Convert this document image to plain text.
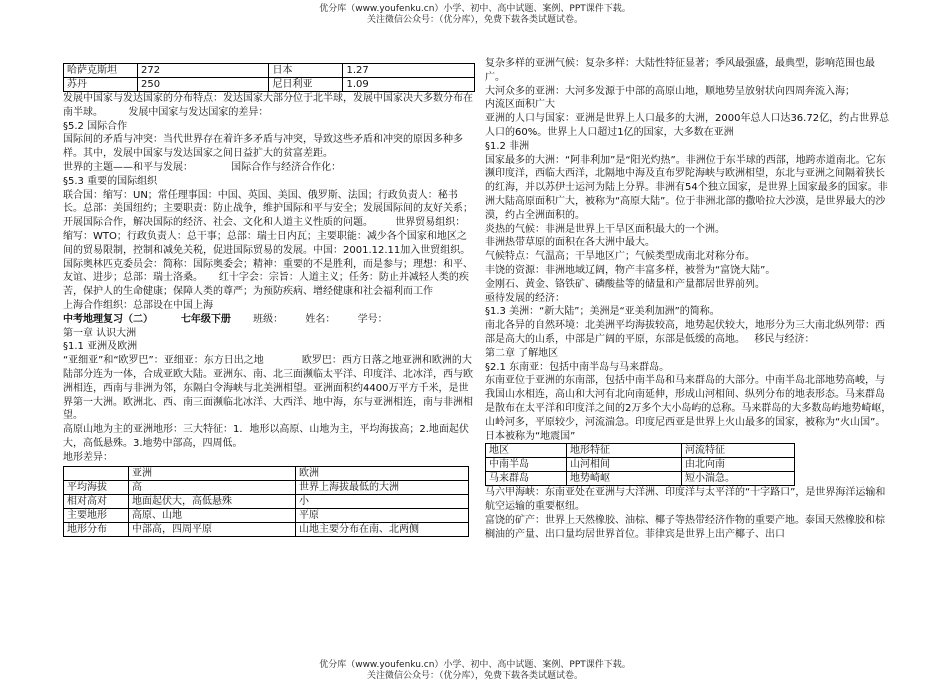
优分库（www.youfenku.cn）小学、初中、高中试题、案例、PPT课件下载。
关注微信公众号：（优分库），免费下载各类试题试卷。
哈萨克斯坦	272	日本	1.27
苏丹	250	尼日利亚	1.09

发展中国家与发达国家的分布特点：发达国家大部分位于北半球，发展中国家决大多数分布在南半球。        发展中国家与发达国家的差异：

§5.2 国际合作

国际间的矛盾与冲突：当代世界存在着许多矛盾与冲突，导致这些矛盾和冲突的原因多种多样。其中，发展中国家与发达国家之间日益扩大的贫富差距。

世界的主题——和平与发展：            国际合作与经济合作化：

§5.3 重要的国际组织

联合国：缩写：UN；常任理事国：中国、英国、美国、俄罗斯、法国；行政负责人：秘书长。总部：美国纽约；主要职责：防止战争，维护国际和平与安全；发展国际间的友好关系；开展国际合作，解决国际的经济、社会、文化和人道主义性质的问题。       世界贸易组织：缩写：WTO；行政负责人：总干事；总部：瑞士日内瓦；主要职能：减少各个国家和地区之间的贸易限制，控制和减免关税，促进国际贸易的发展。中国：2001.12.11加入世贸组织。     国际奥林匹克委员会：简称：国际奥委会；精神：重要的不是胜利，而是参与；理想：和平、友谊、进步；总部：瑞士洛桑。     红十字会：宗旨：人道主义；任务：防止并减轻人类的疾苦，保护人的生命健康；保障人类的尊严；为预防疾病、增经健康和社会福利而工作

上海合作组织：总部设在中国上海

中考地理复习（二）        七年级下册       班级：       姓名：       学号：

第一章 认识大洲

§1.1 亚洲及欧洲

“亚细亚”和“欧罗巴”：亚细亚：东方日出之地            欧罗巴：西方日落之地亚洲和欧洲的大陆部分连为一体，合成亚欧大陆。亚洲东、南、北三面濒临太平洋、印度洋、北冰洋，西与欧洲相连，西南与非洲为邻，东隔白令海峡与北美洲相望。亚洲面积约4400万平方千米，是世界第一大洲。欧洲北、西、南三面濒临北冰洋、大西洋、地中海，东与亚洲相连，南与非洲相望。

高原山地为主的亚洲地形：三大特征：1．地形以高原、山地为主，平均海拔高；2.地面起伏大，高低悬殊。3.地势中部高，四周低。

地形差异：

	亚洲	欧洲
平均海拔	高	世界上海拔最低的大洲
相对高对	地面起伏大，高低悬殊	小
主要地形	高原、山地	平原
地形分布	中部高，四周平原	山地主要分布在南、北两侧

复杂多样的亚洲气候：复杂多样：大陆性特征显著；季风最强盛，最典型，影响范围也最广。

大河众多的亚洲：大河多发源于中部的高原山地，顺地势呈放射状向四周奔流入海；

内流区面积广大

亚洲的人口与国家：亚洲是世界上人口最多的大洲，2000年总人口达36.72亿，约占世界总人口的60%。世界上人口超过1亿的国家，大多数在亚洲

§1.2 非洲

国家最多的大洲：“阿非利加”是“阳光灼热”。非洲位于东半球的西部，地跨赤道南北。它东濒印度洋，西临大西洋，北隔地中海及直布罗陀海峡与欧洲相望，东北与亚洲之间隔着狭长的红海，并以苏伊士运河为陆上分界。非洲有54个独立国家，是世界上国家最多的国家。非洲大陆高原面积广大，被称为“高原大陆”。位于非洲北部的撒哈拉大沙漠，是世界最大的沙漠，约占全洲面积的。

炎热的气候：非洲是世界上干旱区面积最大的一个洲。

非洲热带草原的面积在各大洲中最大。

气候特点：气温高；干旱地区广；气候类型成南北对称分布。

丰饶的资源：非洲地域辽阔，物产丰富多样，被誉为“富饶大陆”。

金刚石、黄金、铬铁矿、磷酸盐等的储量和产量都居世界前列。

亟待发展的经济：

§1.3 美洲：“新大陆”；美洲是“亚美利加洲”的简称。

南北各异的自然环境：北美洲平均海拔较高，地势起伏较大，地形分为三大南北纵列带：西部是高大的山系，中部是广阔的平原，东部是低缓的高地。   移民与经济：

第二章 了解地区

§2.1 东南亚：包括中南半岛与马来群岛。

东南亚位于亚洲的东南部，包括中南半岛和马来群岛的大部分。中南半岛北部地势高峻，与我国山水相连，高山和大河有北向南延伸，形成山河相间、纵列分布的地表形态。马来群岛是散布在太平洋和印度洋之间的2万多个大小岛屿的总称。马来群岛的大多数岛屿地势崎岖，山岭河多，平原较少，河流湍急。印度尼西亚是世界上火山最多的国家，被称为“火山国”。日本被称为“地震国”

地区	地形特征	河流特征
中南半岛	山河相间	由北向南
马来群岛	地势崎岖	短小湍急。

马六甲海峡：东南亚处在亚洲与大洋洲、印度洋与太平洋的“十字路口”，是世界海洋运输和航空运输的重要枢纽。

富饶的矿产：世界上天然橡胶、油棕、椰子等热带经济作物的重要产地。泰国天然橡胶和棕榈油的产量、出口量均居世界首位。菲律宾是世界上出产椰子、出口

优分库（www.youfenku.cn）小学、初中、高中试题、案例、PPT课件下载。
关注微信公众号：（优分库），免费下载各类试题试卷。
